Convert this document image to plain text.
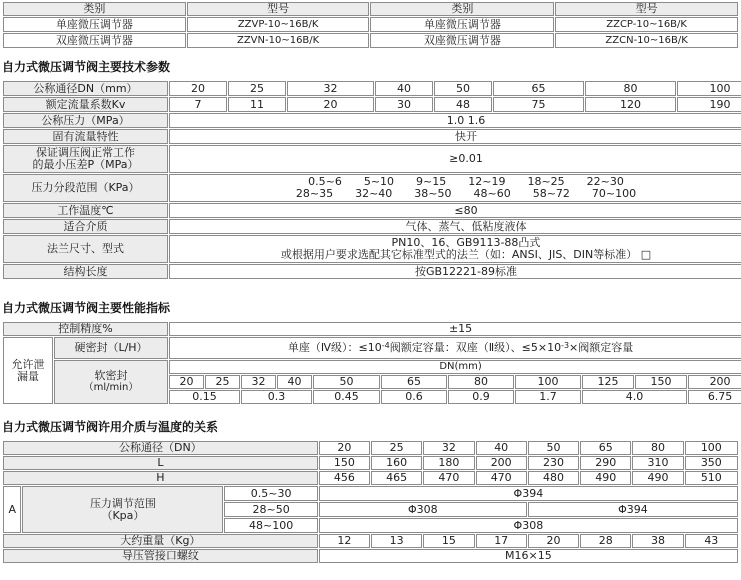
类别	型号	类别	型号
单座微压调节器	ZZVP-10~16B/K	单座微压调节器	ZZCP-10~16B/K
双座微压调节器	ZZVN-10~16B/K	双座微压调节器	ZZCN-10~16B/K
自力式微压调节阀主要技术参数
公称通径DN（mm）	20	25	32	40	50	65	80	100
额定流量系数Kv	7	11	20	30	48	75	120	190
公称压力（MPa）	1.0 1.6							
固有流量特性	快开							

保证调压阀正常工作
的最小压差P（MPa）	≥0.01							
压力分段范围（KPa）	0.5~6　　5~10　　9~15　　12~19　　18~25　　22~30
28~35　　32~40　　38~50　　48~60　　58~72　　70~100							

工作温度℃	≤80							
适合介质	气体、蒸气、低粘度液体							
法兰尺寸、型式	PN10、16、GB9113-88凸式
或根据用户要求选配其它标准型式的法兰（如：ANSI、JIS、DIN等标准） □							

结构长度	按GB12221-89标准							
自力式微压调节阀主要性能指标
控制精度%		±15										

允许泄
漏量	硬密封（L/H）	单座（Ⅳ级）：$\le 10^{-4}$阀额定容量：双座（Ⅱ级）、$\le 5\times 10^{-3}\times$阀额定容量										

	软密封
（ml/min）	DN(mm)										
		20	25	32	40	50	65	80	100	125	150	200
		0.15		0.3		0.45	0.6	0.9	1.7	4.0		6.75
自力式微压调节阀许用介质与温度的关系
公称通径（DN）			20	25	32	40	50	65	80	100
L			150	160	180	200	230	290	310	350
H			456	465	470	470	480	490	490	510
A	压力调节范围
（Kpa）	0.5~30	Φ394							
		28~50	Φ308				Φ394			
		48~100	Φ308							
大约重量（Kg）			12	13	15	17	20	28	38	43
导压管接口螺纹			M16×15							
